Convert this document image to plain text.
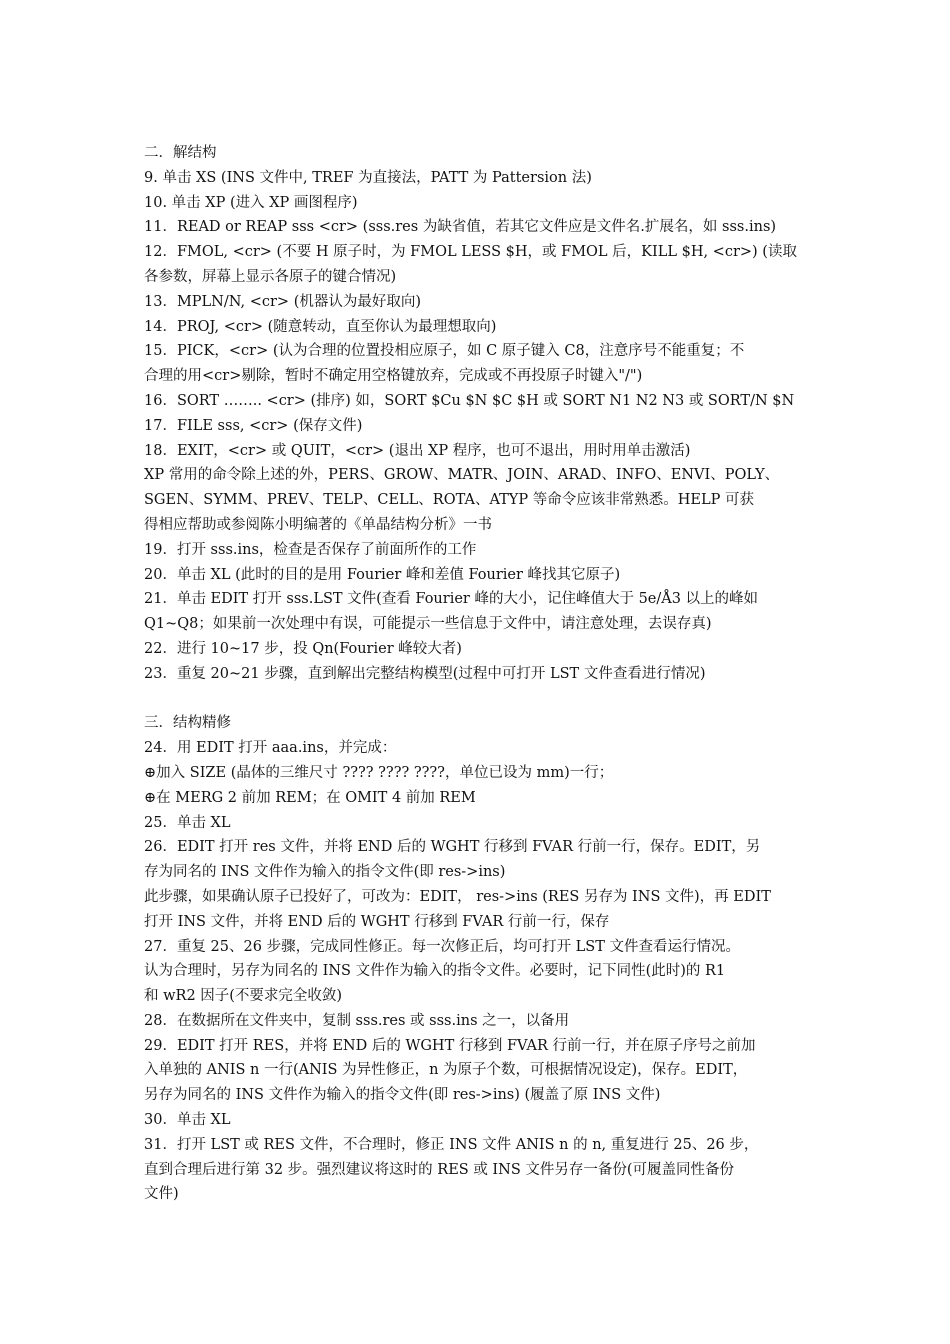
二．解结构

9. 单击 XS (INS 文件中, TREF 为直接法，PATT 为 Pattersion 法)

10. 单击 XP (进入 XP 画图程序)

11．READ or REAP sss <cr> (sss.res 为缺省值，若其它文件应是文件名.扩展名，如 sss.ins)

12．FMOL, <cr> (不要 H 原子时，为 FMOL LESS $H，或 FMOL 后，KILL $H, <cr>) (读取

各参数，屏幕上显示各原子的键合情况)

13．MPLN/N, <cr> (机器认为最好取向)

14．PROJ, <cr> (随意转动，直至你认为最理想取向)

15．PICK，<cr> (认为合理的位置投相应原子，如 C 原子键入 C8，注意序号不能重复；不

合理的用<cr>剔除，暂时不确定用空格键放弃，完成或不再投原子时键入"/")

16．SORT …….. <cr> (排序) 如，SORT $Cu $N $C $H 或 SORT N1 N2 N3 或 SORT/N $N

17．FILE sss, <cr> (保存文件)

18．EXIT，<cr> 或 QUIT，<cr> (退出 XP 程序，也可不退出，用时用单击激活)

XP 常用的命令除上述的外，PERS、GROW、MATR、JOIN、ARAD、INFO、ENVI、POLY、

SGEN、SYMM、PREV、TELP、CELL、ROTA、ATYP 等命令应该非常熟悉。HELP 可获

得相应帮助或参阅陈小明编著的《单晶结构分析》一书

19．打开 sss.ins，检查是否保存了前面所作的工作

20．单击 XL (此时的目的是用 Fourier 峰和差值 Fourier 峰找其它原子)

21．单击 EDIT 打开 sss.LST 文件(查看 Fourier 峰的大小，记住峰值大于 5e/Å3 以上的峰如

Q1~Q8；如果前一次处理中有误，可能提示一些信息于文件中，请注意处理，去误存真)

22．进行 10~17 步，投 Qn(Fourier 峰较大者)

23．重复 20~21 步骤，直到解出完整结构模型(过程中可打开 LST 文件查看进行情况)

三．结构精修

24．用 EDIT 打开 aaa.ins，并完成：

⊕加入 SIZE (晶体的三维尺寸 ???? ???? ????，单位已设为 mm)一行；

⊕在 MERG 2 前加 REM；在 OMIT 4 前加 REM

25．单击 XL

26．EDIT 打开 res 文件，并将 END 后的 WGHT 行移到 FVAR 行前一行，保存。EDIT，另

存为同名的 INS 文件作为输入的指令文件(即 res->ins)

此步骤，如果确认原子已投好了，可改为：EDIT， res->ins (RES 另存为 INS 文件)，再 EDIT

打开 INS 文件，并将 END 后的 WGHT 行移到 FVAR 行前一行，保存

27．重复 25、26 步骤，完成同性修正。每一次修正后，均可打开 LST 文件查看运行情况。

认为合理时，另存为同名的 INS 文件作为输入的指令文件。必要时，记下同性(此时)的 R1

和 wR2 因子(不要求完全收敛)

28．在数据所在文件夹中，复制 sss.res 或 sss.ins 之一，以备用

29．EDIT 打开 RES，并将 END 后的 WGHT 行移到 FVAR 行前一行，并在原子序号之前加

入单独的 ANIS n 一行(ANIS 为异性修正，n 为原子个数，可根据情况设定)，保存。EDIT，

另存为同名的 INS 文件作为输入的指令文件(即 res->ins) (履盖了原 INS 文件)

30．单击 XL

31．打开 LST 或 RES 文件，不合理时，修正 INS 文件 ANIS n 的 n, 重复进行 25、26 步，

直到合理后进行第 32 步。强烈建议将这时的 RES 或 INS 文件另存一备份(可履盖同性备份

文件)
